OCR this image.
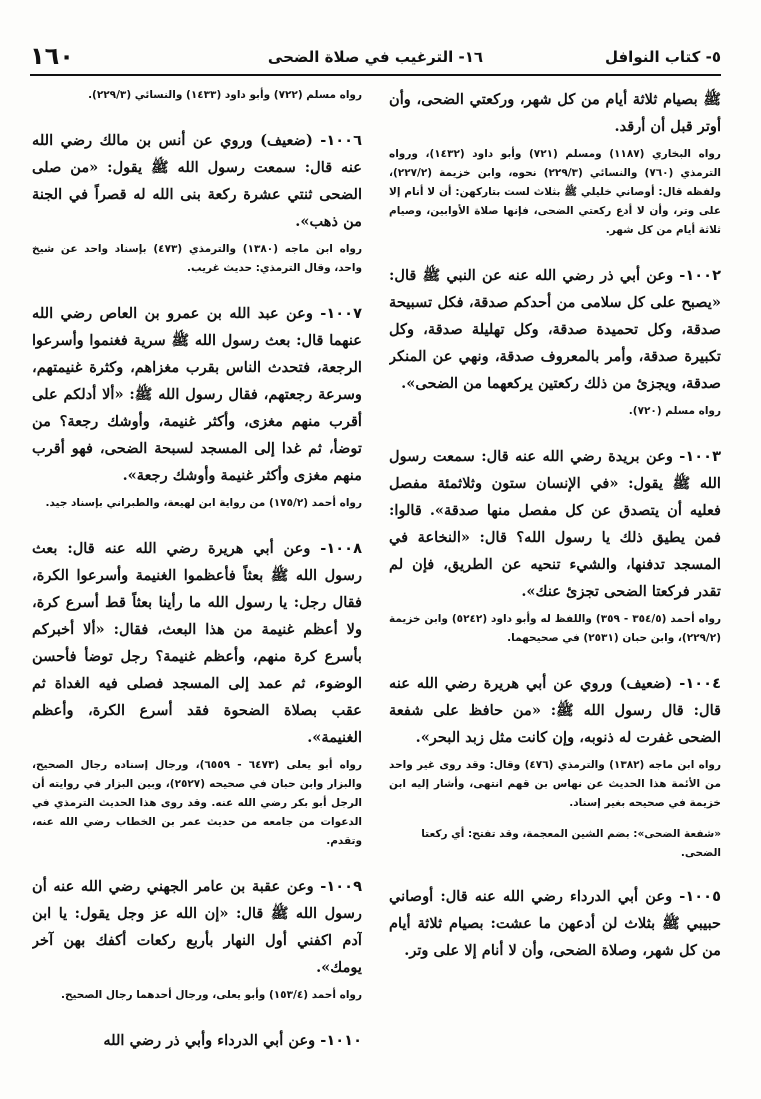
٥- كتاب النوافل
١٦- الترغيب في صلاة الضحى
١٦٠

ﷺ بصيام ثلاثة أيام من كل شهر، وركعتي الضحى، وأن أوتر قبل أن أرقد.

رواه البخاري (١١٨٧) ومسلم (٧٢١) وأبو داود (١٤٣٢)، ورواه الترمذي (٧٦٠) والنسائي (٢٢٩/٣) نحوه، وابن خزيمة (٢٢٧/٢)، ولفظه قال: أوصاني خليلي ﷺ بثلاث لست بتاركهن: أن لا أنام إلا على وتر، وأن لا أدع ركعتي الضحى، فإنها صلاة الأوابين، وصيام ثلاثة أيام من كل شهر.

١٠٠٢- وعن أبي ذر رضي الله عنه عن النبي ﷺ قال: «يصبح على كل سلامى من أحدكم صدقة، فكل تسبيحة صدقة، وكل تحميدة صدقة، وكل تهليلة صدقة، وكل تكبيرة صدقة، وأمر بالمعروف صدقة، ونهي عن المنكر صدقة، ويجزئ من ذلك ركعتين يركعهما من الضحى».

رواه مسلم (٧٢٠).

١٠٠٣- وعن بريدة رضي الله عنه قال: سمعت رسول الله ﷺ يقول: «في الإنسان ستون وثلاثمئة مفصل فعليه أن يتصدق عن كل مفصل منها صدقة». قالوا: فمن يطيق ذلك يا رسول الله؟ قال: «النخاعة في المسجد تدفنها، والشيء تنحيه عن الطريق، فإن لم تقدر فركعتا الضحى تجزئ عنك».

رواه أحمد (٣٥٤/٥ - ٣٥٩) واللفظ له وأبو داود (٥٢٤٢) وابن خزيمة (٢٢٩/٢)، وابن حبان (٢٥٣١) في صحيحهما.

١٠٠٤- (ضعيف) وروي عن أبي هريرة رضي الله عنه قال: قال رسول الله ﷺ: «من حافظ على شفعة الضحى غفرت له ذنوبه، وإن كانت مثل زبد البحر».

رواه ابن ماجه (١٣٨٢) والترمذي (٤٧٦) وقال: وقد روى غير واحد من الأئمة هذا الحديث عن نهاس بن قهم انتهى، وأشار إليه ابن خزيمة في صحيحه بغير إسناد.

«شفعة الضحى»: بضم الشين المعجمة، وقد تفتح: أي ركعتا الضحى.

١٠٠٥- وعن أبي الدرداء رضي الله عنه قال: أوصاني حبيبي ﷺ بثلاث لن أدعهن ما عشت: بصيام ثلاثة أيام من كل شهر، وصلاة الضحى، وأن لا أنام إلا على وتر.

رواه مسلم (٧٢٢) وأبو داود (١٤٣٣) والنسائي (٢٢٩/٣).

١٠٠٦- (ضعيف) وروي عن أنس بن مالك رضي الله عنه قال: سمعت رسول الله ﷺ يقول: «من صلى الضحى ثنتي عشرة ركعة بنى الله له قصراً في الجنة من ذهب».

رواه ابن ماجه (١٣٨٠) والترمذي (٤٧٣) بإسناد واحد عن شيخ واحد، وقال الترمذي: حديث غريب.

١٠٠٧- وعن عبد الله بن عمرو بن العاص رضي الله عنهما قال: بعث رسول الله ﷺ سرية فغنموا وأسرعوا الرجعة، فتحدث الناس بقرب مغزاهم، وكثرة غنيمتهم، وسرعة رجعتهم، فقال رسول الله ﷺ: «ألا أدلكم على أقرب منهم مغزى، وأكثر غنيمة، وأوشك رجعة؟ من توضأ، ثم غدا إلى المسجد لسبحة الضحى، فهو أقرب منهم مغزى وأكثر غنيمة وأوشك رجعة».

رواه أحمد (١٧٥/٢) من رواية ابن لهيعة، والطبراني بإسناد جيد.

١٠٠٨- وعن أبي هريرة رضي الله عنه قال: بعث رسول الله ﷺ بعثاً فأعظموا الغنيمة وأسرعوا الكرة، فقال رجل: يا رسول الله ما رأينا بعثاً قط أسرع كرة، ولا أعظم غنيمة من هذا البعث، فقال: «ألا أخبركم بأسرع كرة منهم، وأعظم غنيمة؟ رجل توضأ فأحسن الوضوء، ثم عمد إلى المسجد فصلى فيه الغداة ثم عقب بصلاة الضحوة فقد أسرع الكرة، وأعظم الغنيمة».

رواه أبو يعلى (٦٤٧٣ - ٦٥٥٩)، ورجال إسناده رجال الصحيح، والبزار وابن حبان في صحيحه (٢٥٢٧)، وبين البزار في روايته أن الرجل أبو بكر رضي الله عنه. وقد روى هذا الحديث الترمذي في الدعوات من جامعه من حديث عمر بن الخطاب رضي الله عنه، وتقدم.

١٠٠٩- وعن عقبة بن عامر الجهني رضي الله عنه أن رسول الله ﷺ قال: «إن الله عز وجل يقول: يا ابن آدم اكفني أول النهار بأربع ركعات أكفك بهن آخر يومك».

رواه أحمد (١٥٣/٤) وأبو يعلى، ورجال أحدهما رجال الصحيح.

١٠١٠- وعن أبي الدرداء وأبي ذر رضي الله
